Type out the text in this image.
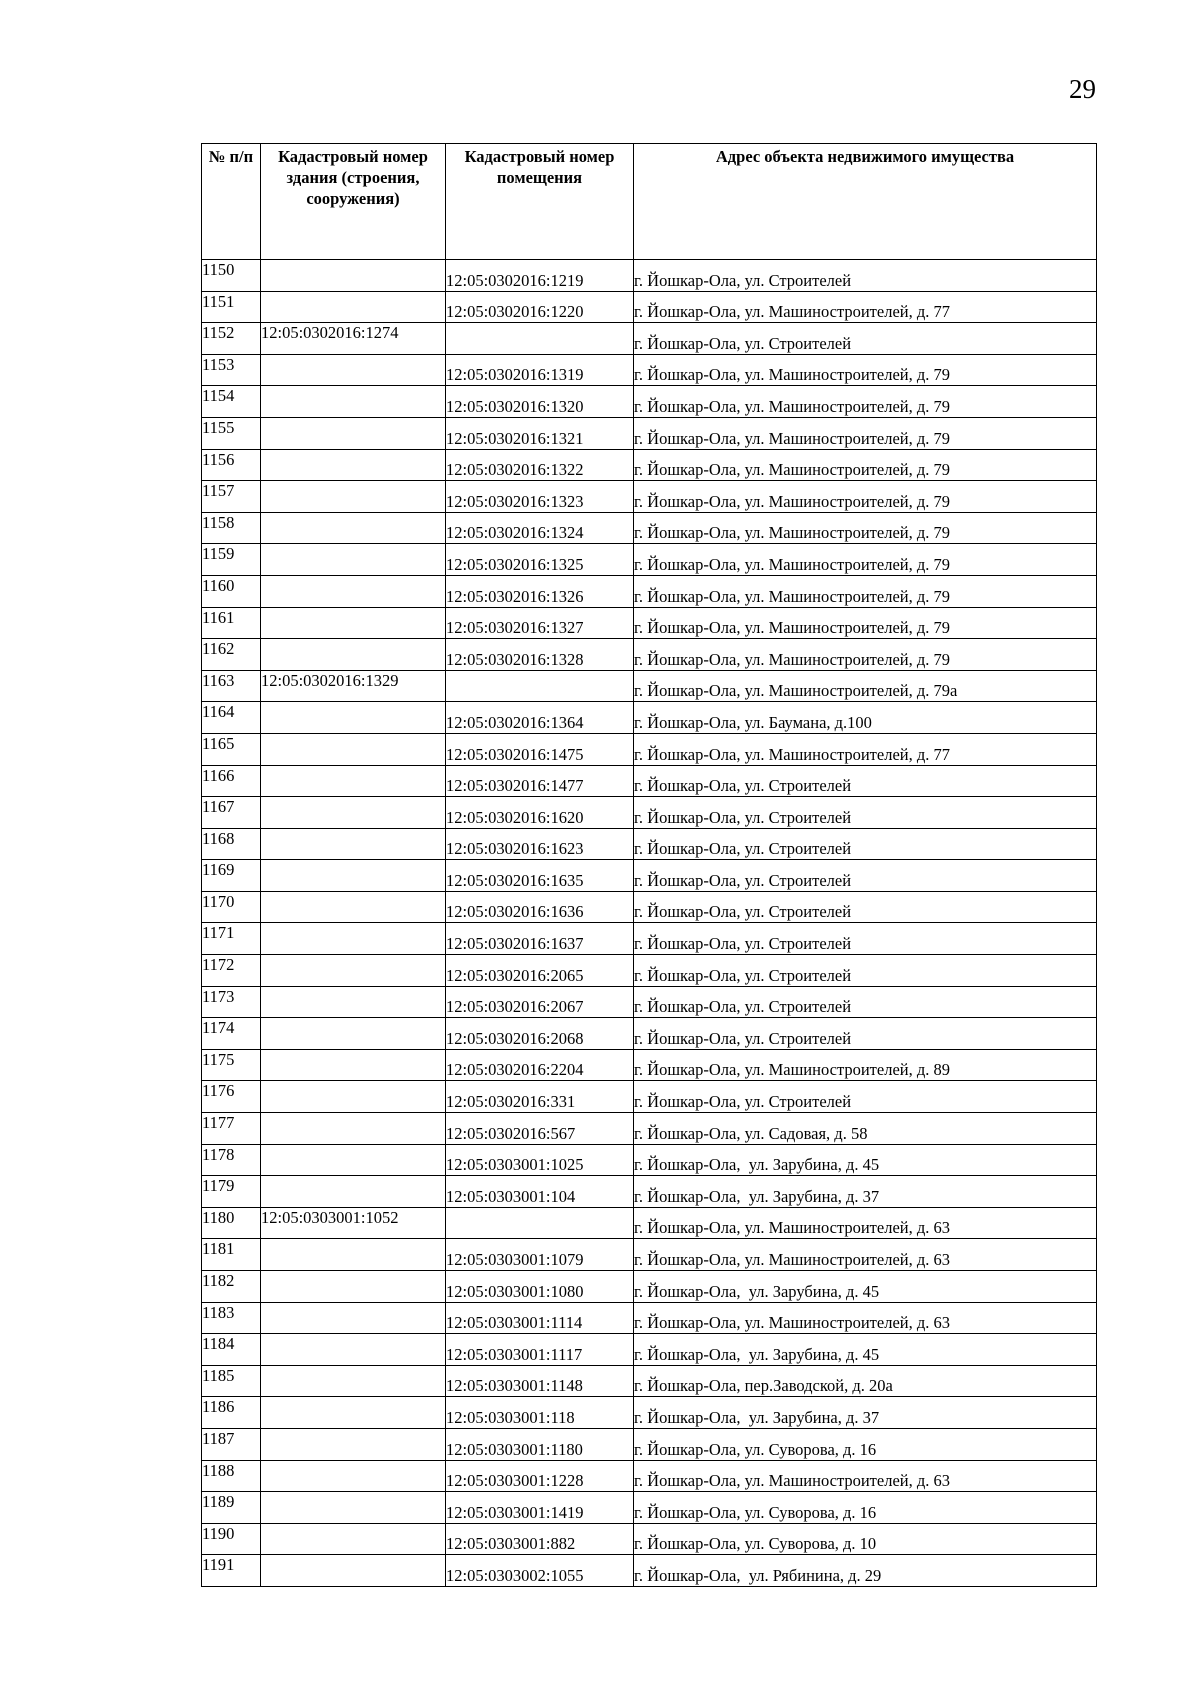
29
№ п/п	Кадастровый номер здания (строения, сооружения)	Кадастровый номер помещения	Адрес объекта недвижимого имущества
1150		12:05:0302016:1219	г. Йошкар-Ола, ул. Строителей
1151		12:05:0302016:1220	г. Йошкар-Ола, ул. Машиностроителей, д. 77
1152	12:05:0302016:1274		г. Йошкар-Ола, ул. Строителей
1153		12:05:0302016:1319	г. Йошкар-Ола, ул. Машиностроителей, д. 79
1154		12:05:0302016:1320	г. Йошкар-Ола, ул. Машиностроителей, д. 79
1155		12:05:0302016:1321	г. Йошкар-Ола, ул. Машиностроителей, д. 79
1156		12:05:0302016:1322	г. Йошкар-Ола, ул. Машиностроителей, д. 79
1157		12:05:0302016:1323	г. Йошкар-Ола, ул. Машиностроителей, д. 79
1158		12:05:0302016:1324	г. Йошкар-Ола, ул. Машиностроителей, д. 79
1159		12:05:0302016:1325	г. Йошкар-Ола, ул. Машиностроителей, д. 79
1160		12:05:0302016:1326	г. Йошкар-Ола, ул. Машиностроителей, д. 79
1161		12:05:0302016:1327	г. Йошкар-Ола, ул. Машиностроителей, д. 79
1162		12:05:0302016:1328	г. Йошкар-Ола, ул. Машиностроителей, д. 79
1163	12:05:0302016:1329		г. Йошкар-Ола, ул. Машиностроителей, д. 79а
1164		12:05:0302016:1364	г. Йошкар-Ола, ул. Баумана, д.100
1165		12:05:0302016:1475	г. Йошкар-Ола, ул. Машиностроителей, д. 77
1166		12:05:0302016:1477	г. Йошкар-Ола, ул. Строителей
1167		12:05:0302016:1620	г. Йошкар-Ола, ул. Строителей
1168		12:05:0302016:1623	г. Йошкар-Ола, ул. Строителей
1169		12:05:0302016:1635	г. Йошкар-Ола, ул. Строителей
1170		12:05:0302016:1636	г. Йошкар-Ола, ул. Строителей
1171		12:05:0302016:1637	г. Йошкар-Ола, ул. Строителей
1172		12:05:0302016:2065	г. Йошкар-Ола, ул. Строителей
1173		12:05:0302016:2067	г. Йошкар-Ола, ул. Строителей
1174		12:05:0302016:2068	г. Йошкар-Ола, ул. Строителей
1175		12:05:0302016:2204	г. Йошкар-Ола, ул. Машиностроителей, д. 89
1176		12:05:0302016:331	г. Йошкар-Ола, ул. Строителей
1177		12:05:0302016:567	г. Йошкар-Ола, ул. Садовая, д. 58
1178		12:05:0303001:1025	г. Йошкар-Ола,  ул. Зарубина, д. 45
1179		12:05:0303001:104	г. Йошкар-Ола,  ул. Зарубина, д. 37
1180	12:05:0303001:1052		г. Йошкар-Ола, ул. Машиностроителей, д. 63
1181		12:05:0303001:1079	г. Йошкар-Ола, ул. Машиностроителей, д. 63
1182		12:05:0303001:1080	г. Йошкар-Ола,  ул. Зарубина, д. 45
1183		12:05:0303001:1114	г. Йошкар-Ола, ул. Машиностроителей, д. 63
1184		12:05:0303001:1117	г. Йошкар-Ола,  ул. Зарубина, д. 45
1185		12:05:0303001:1148	г. Йошкар-Ола, пер.Заводской, д. 20а
1186		12:05:0303001:118	г. Йошкар-Ола,  ул. Зарубина, д. 37
1187		12:05:0303001:1180	г. Йошкар-Ола, ул. Суворова, д. 16
1188		12:05:0303001:1228	г. Йошкар-Ола, ул. Машиностроителей, д. 63
1189		12:05:0303001:1419	г. Йошкар-Ола, ул. Суворова, д. 16
1190		12:05:0303001:882	г. Йошкар-Ола, ул. Суворова, д. 10
1191		12:05:0303002:1055	г. Йошкар-Ола,  ул. Рябинина, д. 29
